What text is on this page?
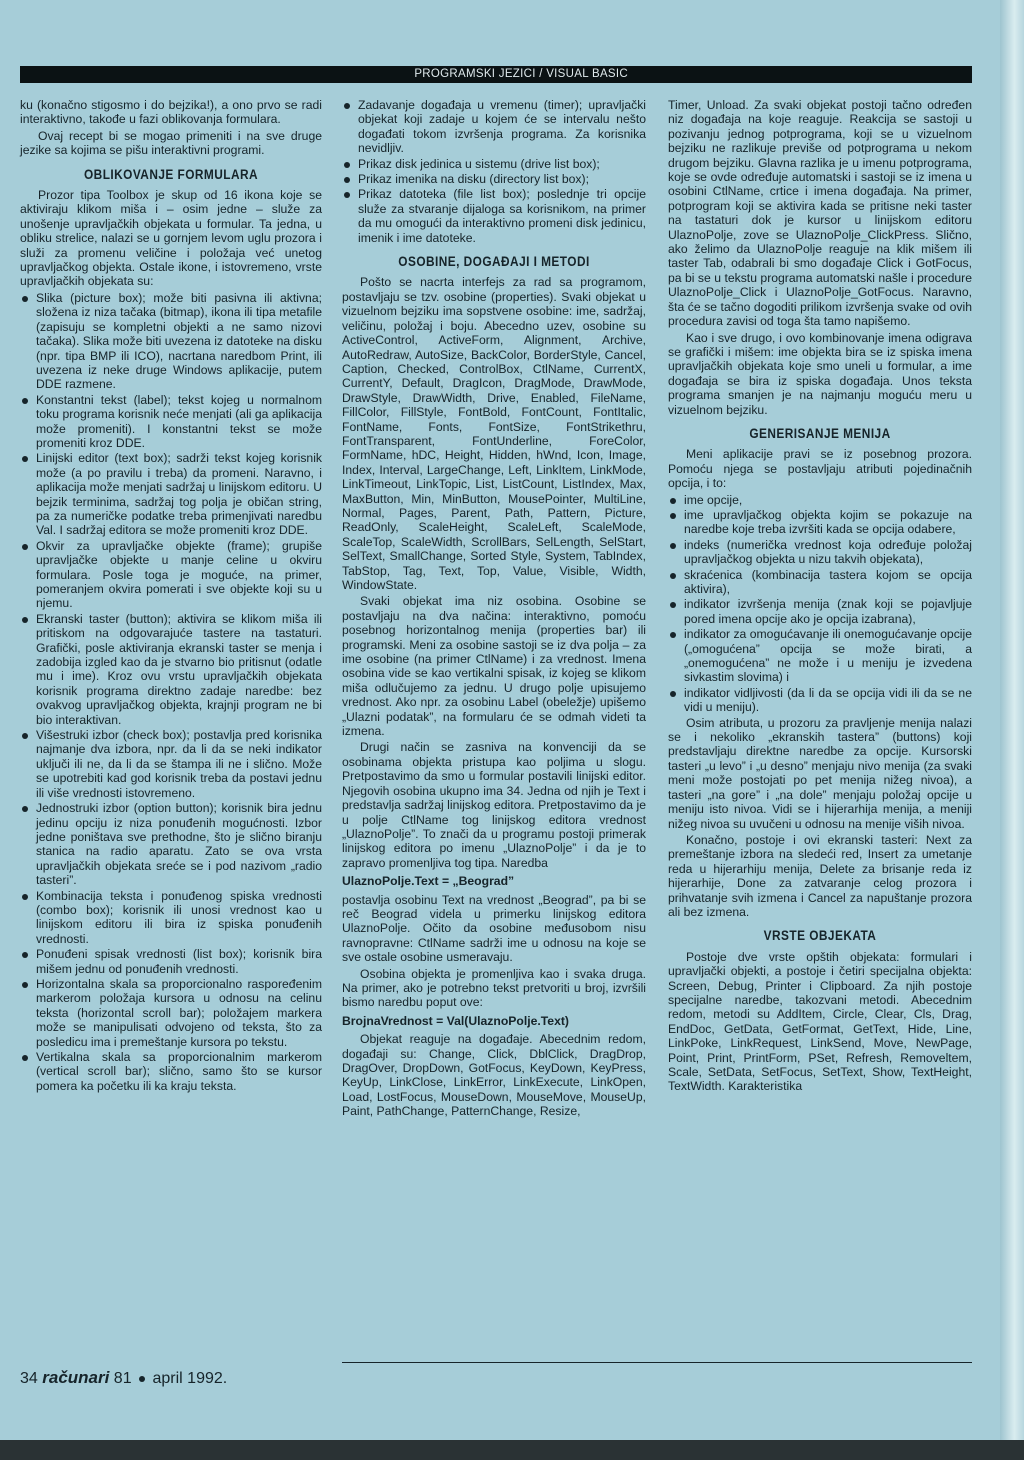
PROGRAMSKI JEZICI / VISUAL BASIC

ku (konačno stigosmo i do bejzika!), a ono prvo se radi interaktivno, takođe u fazi oblikovanja formulara.

Ovaj recept bi se mogao primeniti i na sve druge jezike sa kojima se pišu interaktivni programi.

OBLIKOVANJE FORMULARA

Prozor tipa Toolbox je skup od 16 ikona koje se aktiviraju klikom miša i – osim jedne – služe za unošenje upravljačkih objekata u formular. Ta jedna, u obliku strelice, nalazi se u gornjem levom uglu prozora i služi za promenu veličine i položaja već unetog upravljačkog objekta. Ostale ikone, i istovremeno, vrste upravljačkih objekata su:

Slika (picture box); može biti pasivna ili aktivna; složena iz niza tačaka (bitmap), ikona ili tipa metafile (zapisuju se kompletni objekti a ne samo nizovi tačaka). Slika može biti uvezena iz datoteke na disku (npr. tipa BMP ili ICO), nacrtana naredbom Print, ili uvezena iz neke druge Windows aplikacije, putem DDE razmene.
Konstantni tekst (label); tekst kojeg u normalnom toku programa korisnik neće menjati (ali ga aplikacija može promeniti). I konstantni tekst se može promeniti kroz DDE.
Linijski editor (text box); sadrži tekst kojeg korisnik može (a po pravilu i treba) da promeni. Naravno, i aplikacija može menjati sadržaj u linijskom editoru. U bejzik terminima, sadržaj tog polja je običan string, pa za numeričke podatke treba primenjivati naredbu Val. I sadržaj editora se može promeniti kroz DDE.
Okvir za upravljačke objekte (frame); grupiše upravljačke objekte u manje celine u okviru formulara. Posle toga je moguće, na primer, pomeranjem okvira pomerati i sve objekte koji su u njemu.
Ekranski taster (button); aktivira se klikom miša ili pritiskom na odgovarajuće tastere na tastaturi. Grafički, posle aktiviranja ekranski taster se menja i zadobija izgled kao da je stvarno bio pritisnut (odatle mu i ime). Kroz ovu vrstu upravljačkih objekata korisnik programa direktno zadaje naredbe: bez ovakvog upravljačkog objekta, krajnji program ne bi bio interaktivan.
Višestruki izbor (check box); postavlja pred korisnika najmanje dva izbora, npr. da li da se neki indikator uključi ili ne, da li da se štampa ili ne i slično. Može se upotrebiti kad god korisnik treba da postavi jednu ili više vrednosti istovremeno.
Jednostruki izbor (option button); korisnik bira jednu jedinu opciju iz niza ponuđenih mogućnosti. Izbor jedne poništava sve prethodne, što je slično biranju stanica na radio aparatu. Zato se ova vrsta upravljačkih objekata sreće se i pod nazivom „radio tasteri”.
Kombinacija teksta i ponuđenog spiska vrednosti (combo box); korisnik ili unosi vrednost kao u linijskom editoru ili bira iz spiska ponuđenih vrednosti.
Ponuđeni spisak vrednosti (list box); korisnik bira mišem jednu od ponuđenih vrednosti.
Horizontalna skala sa proporcionalno raspoređenim markerom položaja kursora u odnosu na celinu teksta (horizontal scroll bar); položajem markera može se manipulisati odvojeno od teksta, što za posledicu ima i premeštanje kursora po tekstu.
Vertikalna skala sa proporcionalnim markerom (vertical scroll bar); slično, samo što se kursor pomera ka početku ili ka kraju teksta.
Zadavanje događaja u vremenu (timer); upravljački objekat koji zadaje u kojem će se intervalu nešto događati tokom izvršenja programa. Za korisnika nevidljiv.
Prikaz disk jedinica u sistemu (drive list box);
Prikaz imenika na disku (directory list box);
Prikaz datoteka (file list box); poslednje tri opcije služe za stvaranje dijaloga sa korisnikom, na primer da mu omogući da interaktivno promeni disk jedinicu, imenik i ime datoteke.
OSOBINE, DOGAĐAJI I METODI

Pošto se nacrta interfejs za rad sa programom, postavljaju se tzv. osobine (properties). Svaki objekat u vizuelnom bejziku ima sopstvene osobine: ime, sadržaj, veličinu, položaj i boju. Abecedno uzev, osobine su ActiveControl, ActiveForm, Alignment, Archive, AutoRedraw, AutoSize, BackColor, BorderStyle, Cancel, Caption, Checked, ControlBox, CtlName, CurrentX, CurrentY, Default, DragIcon, DragMode, DrawMode, DrawStyle, DrawWidth, Drive, Enabled, FileName, FillColor, FillStyle, FontBold, FontCount, FontItalic, FontName, Fonts, FontSize, FontStrikethru, FontTransparent, FontUnderline, ForeColor, FormName, hDC, Height, Hidden, hWnd, Icon, Image, Index, Interval, LargeChange, Left, LinkItem, LinkMode, LinkTimeout, LinkTopic, List, ListCount, ListIndex, Max, MaxButton, Min, MinButton, MousePointer, MultiLine, Normal, Pages, Parent, Path, Pattern, Picture, ReadOnly, ScaleHeight, ScaleLeft, ScaleMode, ScaleTop, ScaleWidth, ScrollBars, SelLength, SelStart, SelText, SmallChange, Sorted Style, System, TabIndex, TabStop, Tag, Text, Top, Value, Visible, Width, WindowState.

Svaki objekat ima niz osobina. Osobine se postavljaju na dva načina: interaktivno, pomoću posebnog horizontalnog menija (properties bar) ili programski. Meni za osobine sastoji se iz dva polja – za ime osobine (na primer CtlName) i za vrednost. Imena osobina vide se kao vertikalni spisak, iz kojeg se klikom miša odlučujemo za jednu. U drugo polje upisujemo vrednost. Ako npr. za osobinu Label (obeležje) upišemo „Ulazni podatak”, na formularu će se odmah videti ta izmena.

Drugi način se zasniva na konvenciji da se osobinama objekta pristupa kao poljima u slogu. Pretpostavimo da smo u formular postavili linijski editor. Njegovih osobina ukupno ima 34. Jedna od njih je Text i predstavlja sadržaj linijskog editora. Pretpostavimo da je u polje CtlName tog linijskog editora vrednost „UlaznoPolje”. To znači da u programu postoji primerak linijskog editora po imenu „UlaznoPolje” i da je to zapravo promenljiva tog tipa. Naredba

UlaznoPolje.Text = „Beograd”

postavlja osobinu Text na vrednost „Beograd”, pa bi se reč Beograd videla u primerku linijskog editora UlaznoPolje. Očito da osobine međusobom nisu ravnopravne: CtlName sadrži ime u odnosu na koje se sve ostale osobine usmeravaju.

Osobina objekta je promenljiva kao i svaka druga. Na primer, ako je potrebno tekst pretvoriti u broj, izvršili bismo naredbu poput ove:

BrojnaVrednost = Val(UlaznoPolje.Text)

Objekat reaguje na događaje. Abecednim redom, događaji su: Change, Click, DblClick, DragDrop, DragOver, DropDown, GotFocus, KeyDown, KeyPress, KeyUp, LinkClose, LinkError, LinkExecute, LinkOpen, Load, LostFocus, MouseDown, MouseMove, MouseUp, Paint, PathChange, PatternChange, Resize,

Timer, Unload. Za svaki objekat postoji tačno određen niz događaja na koje reaguje. Reakcija se sastoji u pozivanju jednog potprograma, koji se u vizuelnom bejziku ne razlikuje previše od potprograma u nekom drugom bejziku. Glavna razlika je u imenu potprograma, koje se ovde određuje automatski i sastoji se iz imena u osobini CtlName, crtice i imena događaja. Na primer, potprogram koji se aktivira kada se pritisne neki taster na tastaturi dok je kursor u linijskom editoru UlaznoPolje, zove se UlaznoPolje_ClickPress. Slično, ako želimo da UlaznoPolje reaguje na klik mišem ili taster Tab, odabrali bi smo događaje Click i GotFocus, pa bi se u tekstu programa automatski našle i procedure UlaznoPolje_Click i UlaznoPolje_GotFocus. Naravno, šta će se tačno dogoditi prilikom izvršenja svake od ovih procedura zavisi od toga šta tamo napišemo.

Kao i sve drugo, i ovo kombinovanje imena odigrava se grafički i mišem: ime objekta bira se iz spiska imena upravljačkih objekata koje smo uneli u formular, a ime događaja se bira iz spiska događaja. Unos teksta programa smanjen je na najmanju moguću meru u vizuelnom bejziku.

GENERISANJE MENIJA

Meni aplikacije pravi se iz posebnog prozora. Pomoću njega se postavljaju atributi pojedinačnih opcija, i to:

ime opcije,
ime upravljačkog objekta kojim se pokazuje na naredbe koje treba izvršiti kada se opcija odabere,
indeks (numerička vrednost koja određuje položaj upravljačkog objekta u nizu takvih objekata),
skraćenica (kombinacija tastera kojom se opcija aktivira),
indikator izvršenja menija (znak koji se pojavljuje pored imena opcije ako je opcija izabrana),
indikator za omogućavanje ili onemogućavanje opcije („omogućena” opcija se može birati, a „onemogućena” ne može i u meniju je izvedena sivkastim slovima) i
indikator vidljivosti (da li da se opcija vidi ili da se ne vidi u meniju).

Osim atributa, u prozoru za pravljenje menija nalazi se i nekoliko „ekranskih tastera” (buttons) koji predstavljaju direktne naredbe za opcije. Kursorski tasteri „u levo” i „u desno” menjaju nivo menija (za svaki meni može postojati po pet menija nižeg nivoa), a tasteri „na gore” i „na dole” menjaju položaj opcije u meniju isto nivoa. Vidi se i hijerarhija menija, a meniji nižeg nivoa su uvučeni u odnosu na menije viših nivoa.

Konačno, postoje i ovi ekranski tasteri: Next za premeštanje izbora na sledeći red, Insert za umetanje reda u hijerarhiju menija, Delete za brisanje reda iz hijerarhije, Done za zatvaranje celog prozora i prihvatanje svih izmena i Cancel za napuštanje prozora ali bez izmena.

VRSTE OBJEKATA

Postoje dve vrste opštih objekata: formulari i upravljački objekti, a postoje i četiri specijalna objekta: Screen, Debug, Printer i Clipboard. Za njih postoje specijalne naredbe, takozvani metodi. Abecednim redom, metodi su AddItem, Circle, Clear, Cls, Drag, EndDoc, GetData, GetFormat, GetText, Hide, Line, LinkPoke, LinkRequest, LinkSend, Move, NewPage, Point, Print, PrintForm, PSet, Refresh, Removeltem, Scale, SetData, SetFocus, SetText, Show, TextHeight, TextWidth. Karakteristika

34 računari 81 april 1992.
